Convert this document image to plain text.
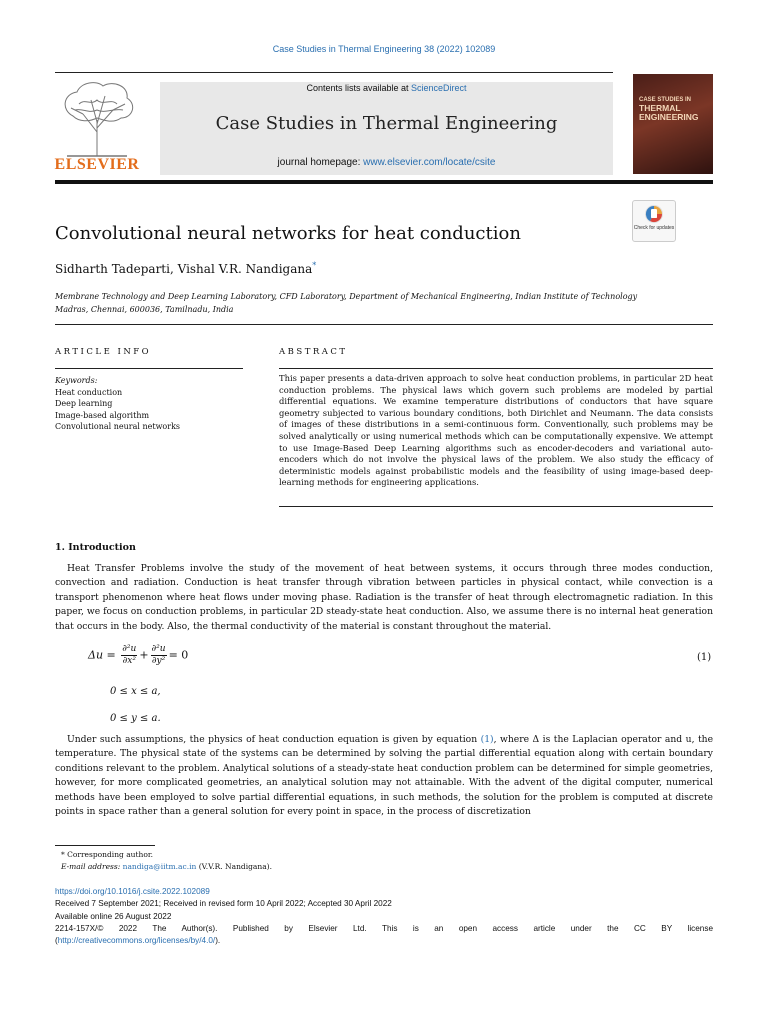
Case Studies in Thermal Engineering 38 (2022) 102089
ELSEVIER
Contents lists available at ScienceDirect
Case Studies in Thermal Engineering
journal homepage: www.elsevier.com/locate/csite
CASE STUDIES IN
THERMAL
ENGINEERING
Check for updates
Convolutional neural networks for heat conduction
Sidharth Tadeparti, Vishal V.R. Nandigana*
Membrane Technology and Deep Learning Laboratory, CFD Laboratory, Department of Mechanical Engineering, Indian Institute of Technology
Madras, Chennai, 600036, Tamilnadu, India
ARTICLE INFO	ABSTRACT
Keywords:
Heat conduction
Deep learning
Image-based algorithm
Convolutional neural networks
This paper presents a data-driven approach to solve heat conduction problems, in particular 2D heat conduction problems. The physical laws which govern such problems are modeled by partial differential equations. We examine temperature distributions of conductors that have square geometry subjected to various boundary conditions, both Dirichlet and Neumann. The data consists of images of these distributions in a semi-continuous form. Conventionally, such problems may be solved analytically or using numerical methods which can be computationally expensive. We attempt to use Image-Based Deep Learning algorithms such as encoder-decoders and variational auto-encoders which do not involve the physical laws of the problem. We also study the efficacy of deterministic models against probabilistic models and the feasibility of using image-based deep-learning methods for engineering applications.
1. Introduction
Heat Transfer Problems involve the study of the movement of heat between systems, it occurs through three modes conduction, convection and radiation. Conduction is heat transfer through vibration between particles in physical contact, while convection is a transport phenomenon where heat flows under moving phase. Radiation is the transfer of heat through electromagnetic radiation. In this paper, we focus on conduction problems, in particular 2D steady-state heat conduction. Also, we assume there is no internal heat generation that occurs in the body. Also, the thermal conductivity of the material is constant throughout the material.
$\Delta u = \frac{\text{∂²u}}{\text{∂x²}} + \frac{\text{∂²u}}{\text{∂y²}} = 0$	(1)
0 ≤ x ≤ a,
0 ≤ y ≤ a.
Under such assumptions, the physics of heat conduction equation is given by equation (1), where Δ is the Laplacian operator and u, the temperature. The physical state of the systems can be determined by solving the partial differential equation along with certain boundary conditions relevant to the problem. Analytical solutions of a steady-state heat conduction problem can be determined for simple geometries, however, for more complicated geometries, an analytical solution may not attainable. With the advent of the digital computer, numerical methods have been employed to solve partial differential equations, in such methods, the solution for the problem is computed at discrete points in space rather than a general solution for every point in space, in the process of discretization
* Corresponding author.
E-mail address: nandiga@iitm.ac.in (V.V.R. Nandigana).
https://doi.org/10.1016/j.csite.2022.102089
Received 7 September 2021; Received in revised form 10 April 2022; Accepted 30 April 2022
Available online 26 August 2022
2214-157X/© 2022 The Author(s). Published by Elsevier Ltd. This is an open access article under the CC BY license
(http://creativecommons.org/licenses/by/4.0/).
